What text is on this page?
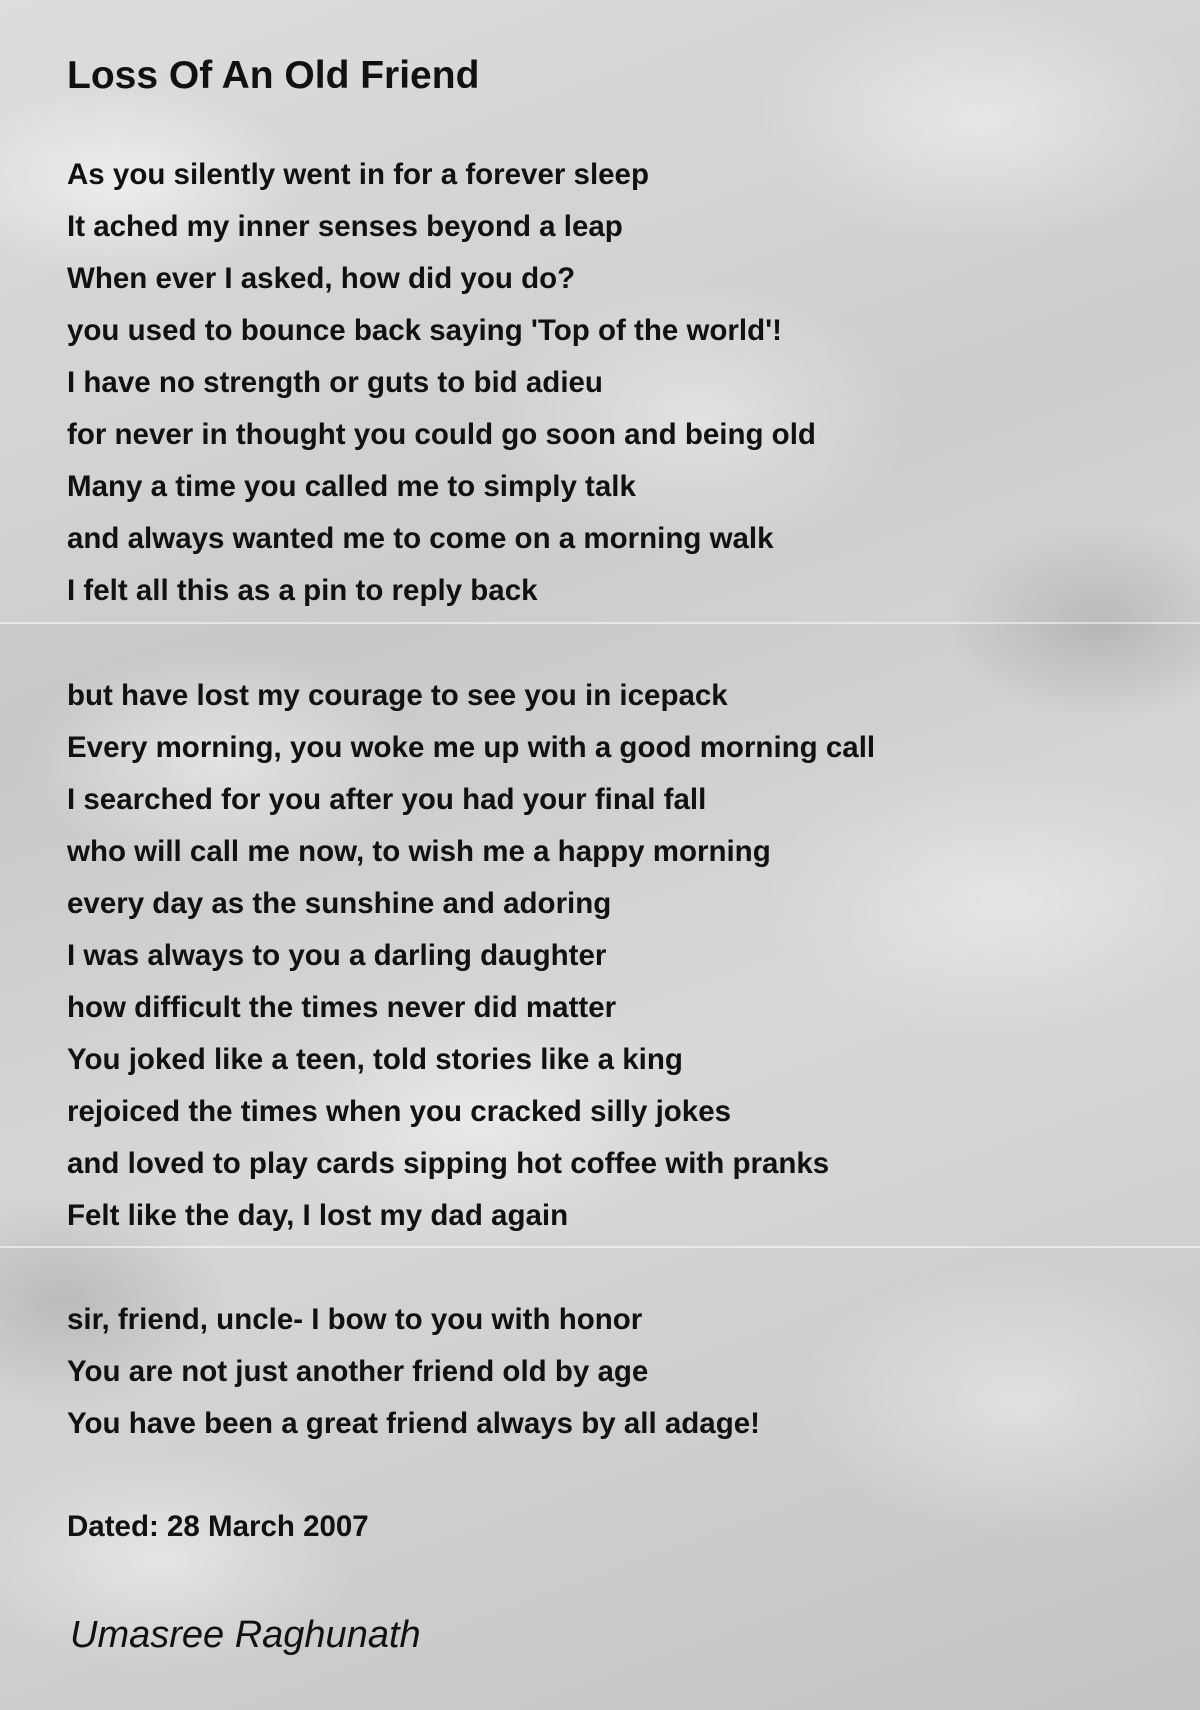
Loss Of An Old Friend
As you silently went in for a forever sleep
It ached my inner senses beyond a leap
When ever I asked, how did you do?
you used to bounce back saying 'Top of the world'!
I have no strength or guts to bid adieu
for never in thought you could go soon and being old
Many a time you called me to simply talk
and always wanted me to come on a morning walk
I felt all this as a pin to reply back
but have lost my courage to see you in icepack
Every morning, you woke me up with a good morning call
I searched for you after you had your final fall
who will call me now, to wish me a happy morning
every day as the sunshine and adoring
I was always to you a darling daughter
how difficult the times never did matter
You joked like a teen, told stories like a king
rejoiced the times when you cracked silly jokes
and loved to play cards sipping hot coffee with pranks
Felt like the day, I lost my dad again
sir, friend, uncle- I bow to you with honor
You are not just another friend old by age
You have been a great friend always by all adage!
Dated: 28 March 2007
Umasree Raghunath
